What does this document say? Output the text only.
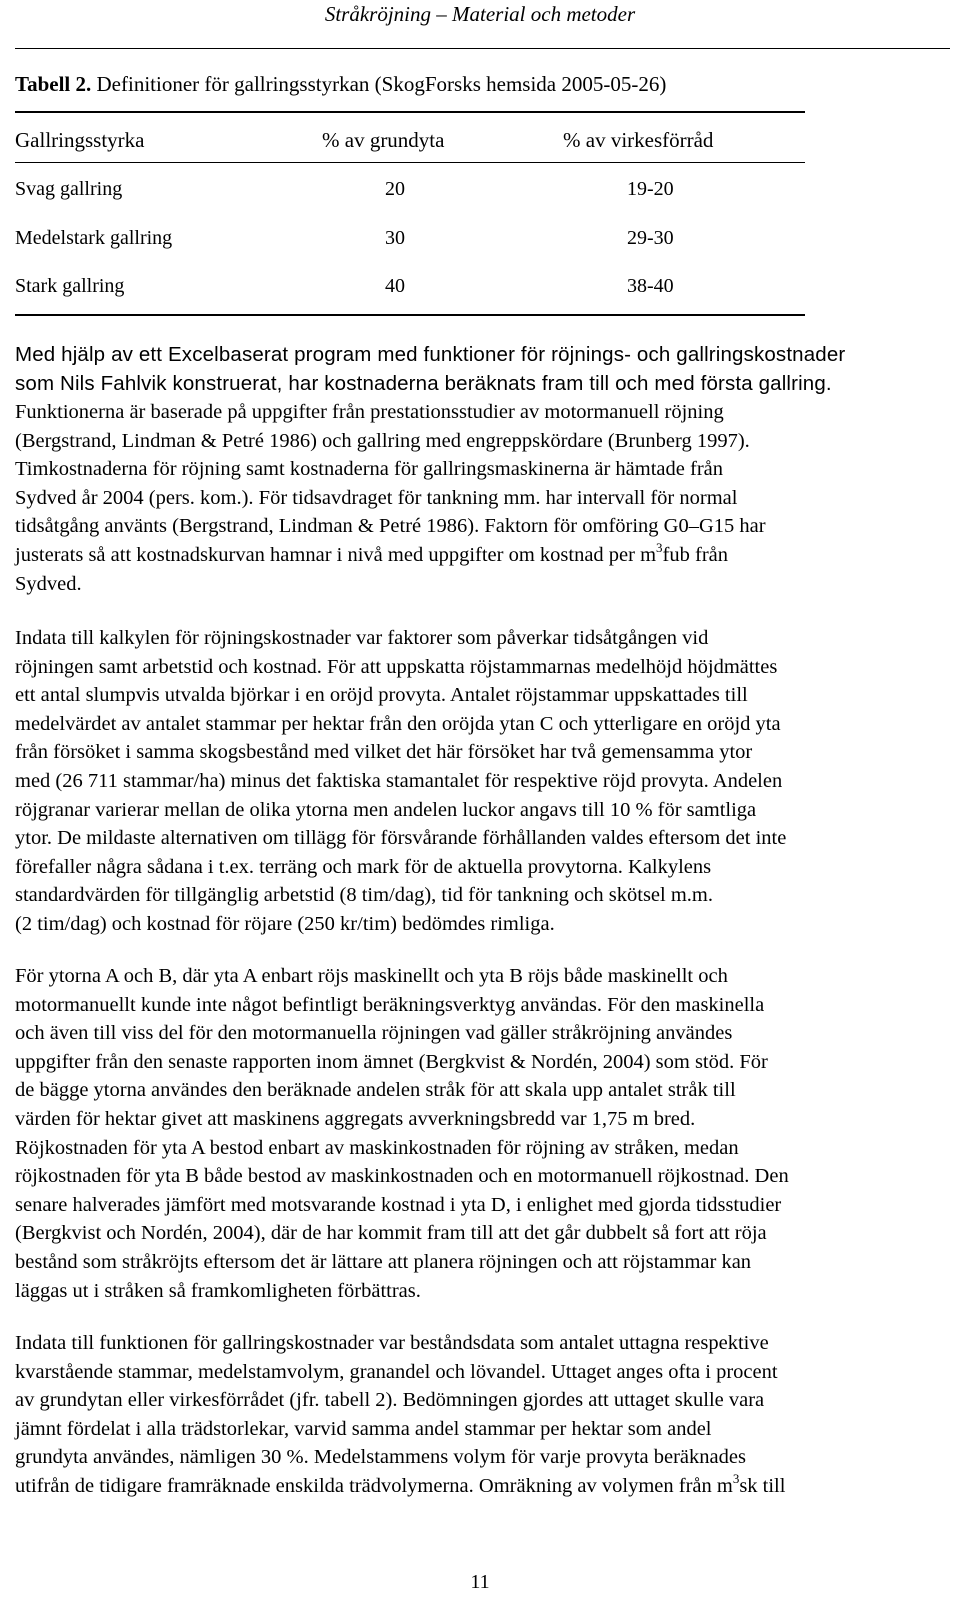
Stråkröjning – Material och metoder
Tabell 2. Definitioner för gallringsstyrkan (SkogForsks hemsida 2005-05-26)
Gallringsstyrka	% av grundyta	% av virkesförråd
Svag gallring	20	19-20
Medelstark gallring	30	29-30
Stark gallring	40	38-40
Med hjälp av ett Excelbaserat program med funktioner för röjnings- och gallringskostnader
som Nils Fahlvik konstruerat, har kostnaderna beräknats fram till och med första gallring.
Funktionerna är baserade på uppgifter från prestationsstudier av motormanuell röjning
(Bergstrand, Lindman & Petré 1986) och gallring med engreppskördare (Brunberg 1997).
Timkostnaderna för röjning samt kostnaderna för gallringsmaskinerna är hämtade från
Sydved år 2004 (pers. kom.). För tidsavdraget för tankning mm. har intervall för normal
tidsåtgång använts (Bergstrand, Lindman & Petré 1986). Faktorn för omföring G0–G15 har
justerats så att kostnadskurvan hamnar i nivå med uppgifter om kostnad per $m^3fub$ från
Sydved.
Indata till kalkylen för röjningskostnader var faktorer som påverkar tidsåtgången vid
röjningen samt arbetstid och kostnad. För att uppskatta röjstammarnas medelhöjd höjdmättes
ett antal slumpvis utvalda björkar i en oröjd provyta. Antalet röjstammar uppskattades till
medelvärdet av antalet stammar per hektar från den oröjda ytan C och ytterligare en oröjd yta
från försöket i samma skogsbestånd med vilket det här försöket har två gemensamma ytor
med (26 711 stammar/ha) minus det faktiska stamantalet för respektive röjd provyta. Andelen
röjgranar varierar mellan de olika ytorna men andelen luckor angavs till 10 % för samtliga
ytor. De mildaste alternativen om tillägg för försvårande förhållanden valdes eftersom det inte
förefaller några sådana i t.ex. terräng och mark för de aktuella provytorna. Kalkylens
standardvärden för tillgänglig arbetstid (8 tim/dag), tid för tankning och skötsel m.m.
(2 tim/dag) och kostnad för röjare (250 kr/tim) bedömdes rimliga.
För ytorna A och B, där yta A enbart röjs maskinellt och yta B röjs både maskinellt och
motormanuellt kunde inte något befintligt beräkningsverktyg användas. För den maskinella
och även till viss del för den motormanuella röjningen vad gäller stråkröjning användes
uppgifter från den senaste rapporten inom ämnet (Bergkvist & Nordén, 2004) som stöd. För
de bägge ytorna användes den beräknade andelen stråk för att skala upp antalet stråk till
värden för hektar givet att maskinens aggregats avverkningsbredd var 1,75 m bred.
Röjkostnaden för yta A bestod enbart av maskinkostnaden för röjning av stråken, medan
röjkostnaden för yta B både bestod av maskinkostnaden och en motormanuell röjkostnad. Den
senare halverades jämfört med motsvarande kostnad i yta D, i enlighet med gjorda tidsstudier
(Bergkvist och Nordén, 2004), där de har kommit fram till att det går dubbelt så fort att röja
bestånd som stråkröjts eftersom det är lättare att planera röjningen och att röjstammar kan
läggas ut i stråken så framkomligheten förbättras.
Indata till funktionen för gallringskostnader var beståndsdata som antalet uttagna respektive
kvarstående stammar, medelstamvolym, granandel och lövandel. Uttaget anges ofta i procent
av grundytan eller virkesförrådet (jfr. tabell 2). Bedömningen gjordes att uttaget skulle vara
jämnt fördelat i alla trädstorlekar, varvid samma andel stammar per hektar som andel
grundyta användes, nämligen 30 %. Medelstammens volym för varje provyta beräknades
utifrån de tidigare framräknade enskilda trädvolymerna. Omräkning av volymen från $m^3sk$ till
11
